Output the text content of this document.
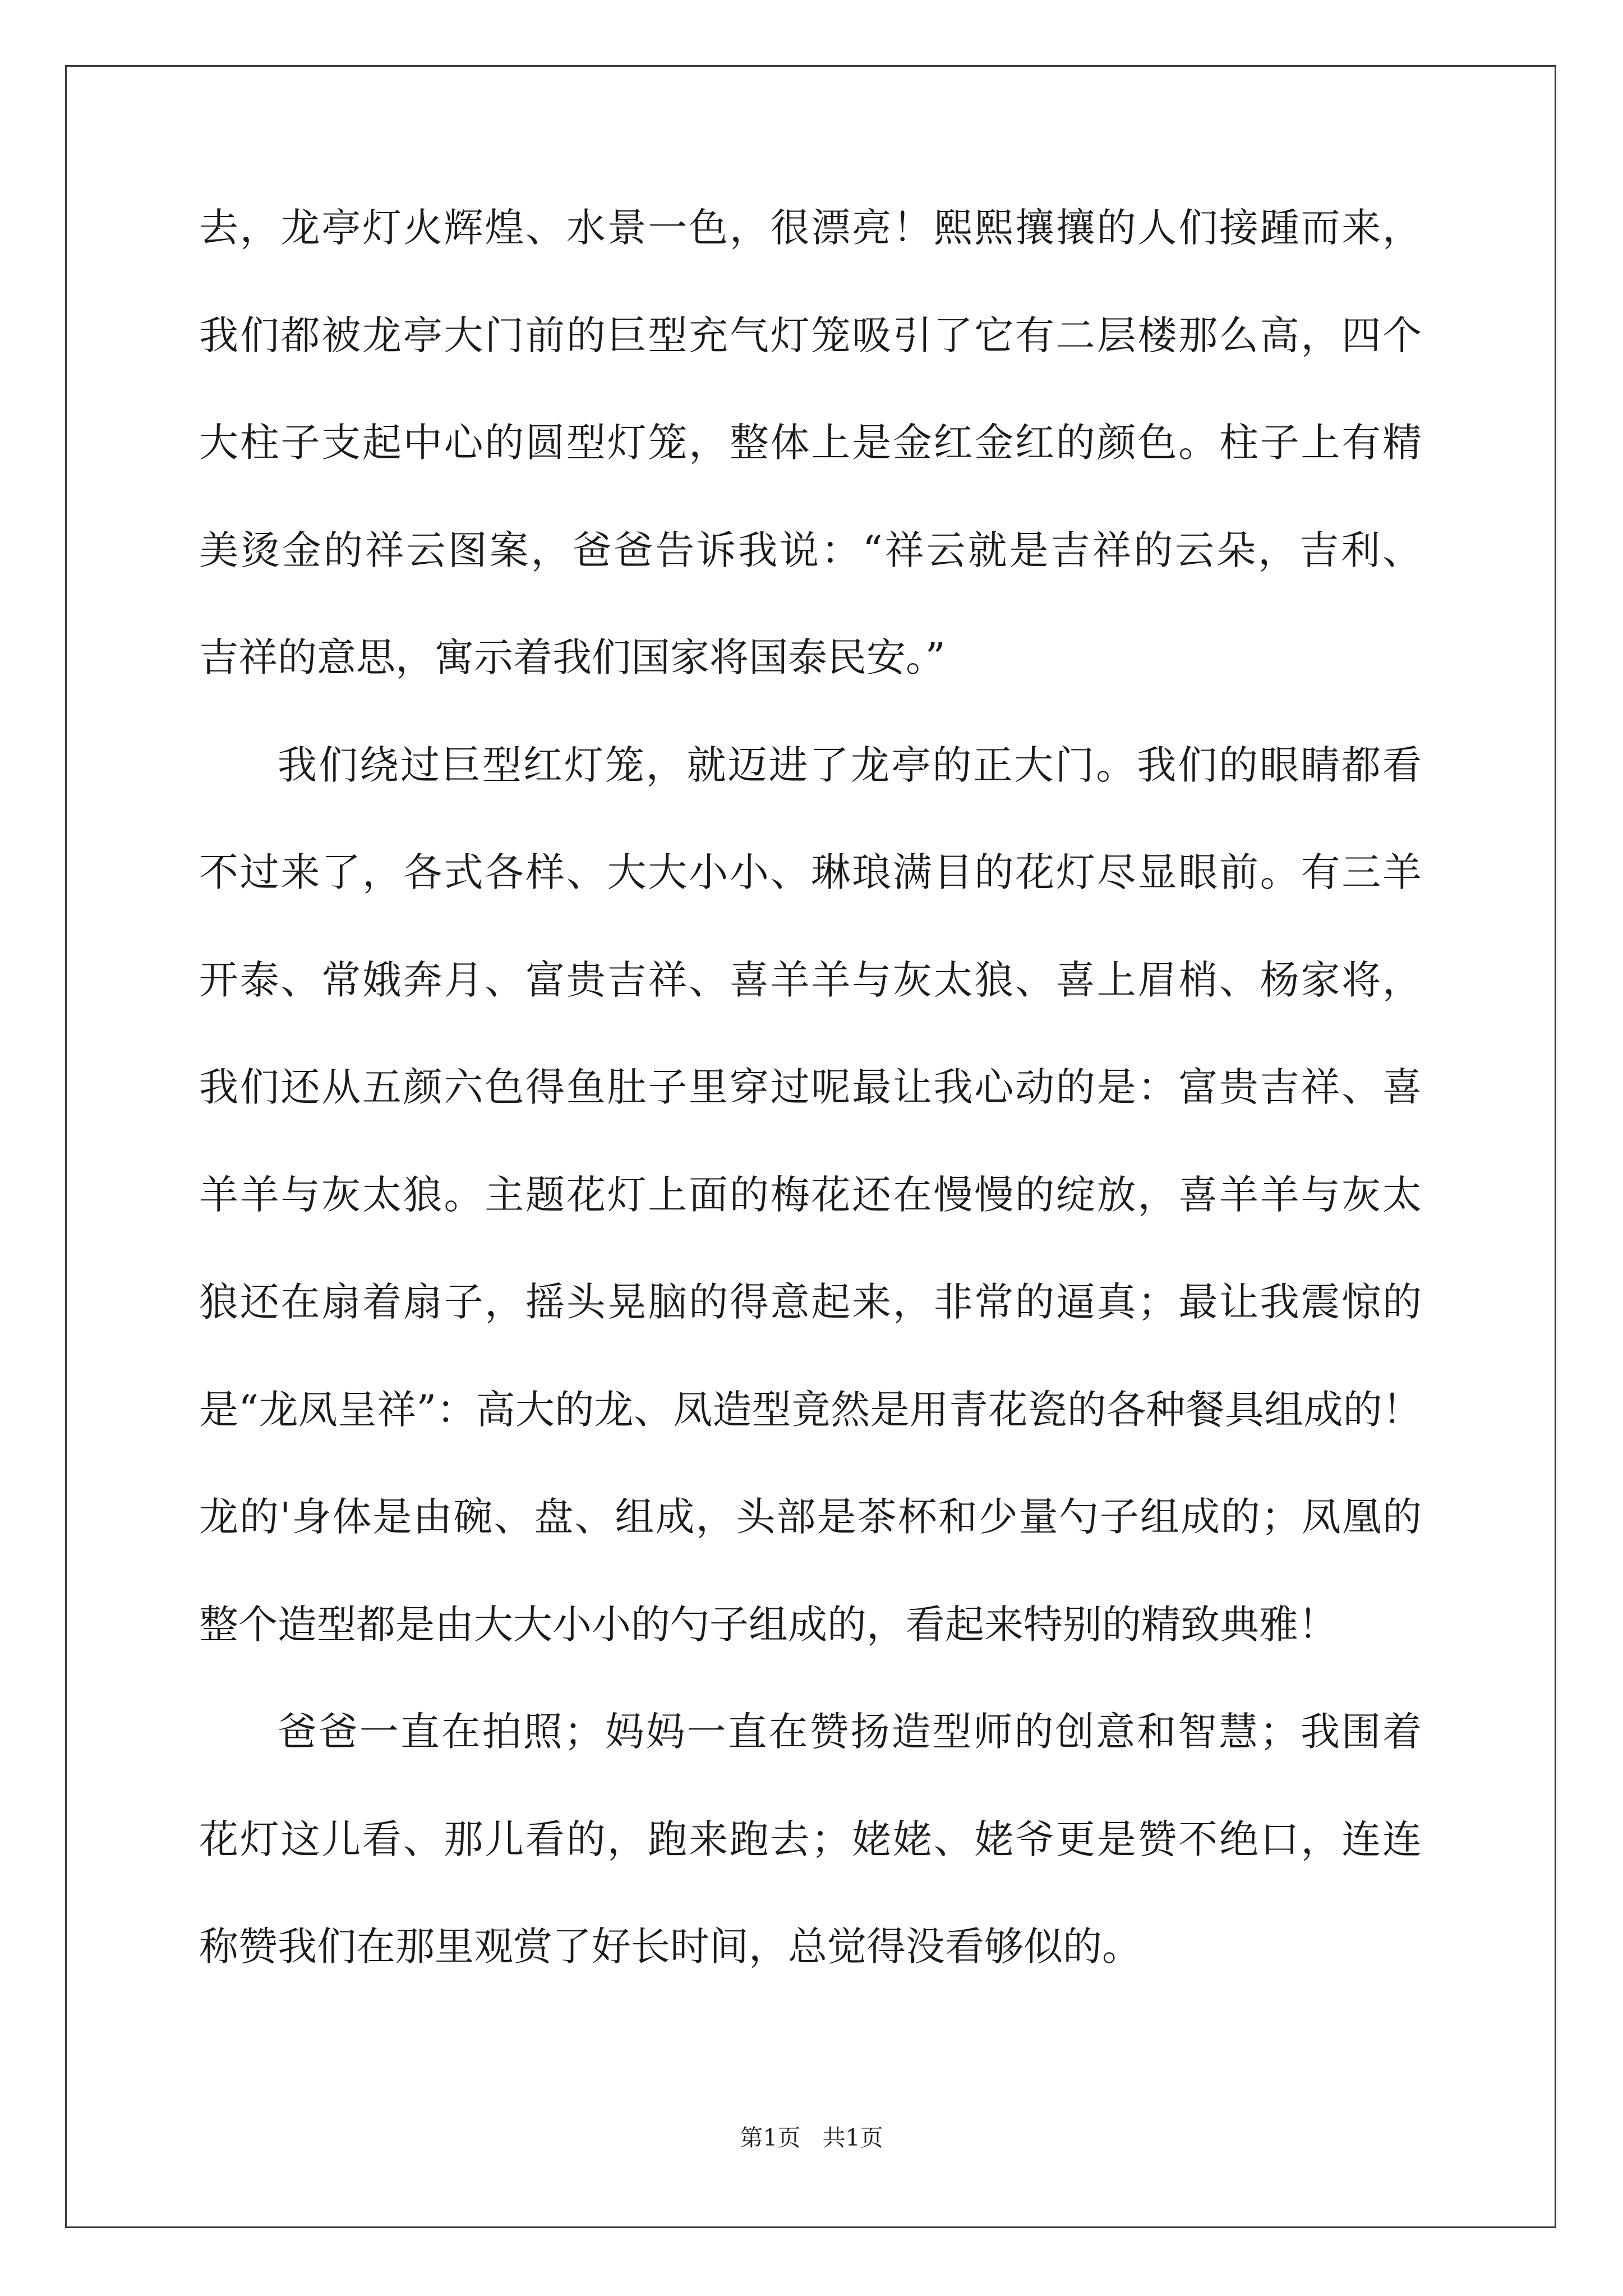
去，龙亭灯火辉煌、水景一色，很漂亮！熙熙攘攘的人们接踵而来，
我们都被龙亭大门前的巨型充气灯笼吸引了它有二层楼那么高，四个
大柱子支起中心的圆型灯笼，整体上是金红金红的颜色。柱子上有精
美烫金的祥云图案，爸爸告诉我说：“祥云就是吉祥的云朵，吉利、
吉祥的意思，寓示着我们国家将国泰民安。”
我们绕过巨型红灯笼，就迈进了龙亭的正大门。我们的眼睛都看
不过来了，各式各样、大大小小、琳琅满目的花灯尽显眼前。有三羊
开泰、常娥奔月、富贵吉祥、喜羊羊与灰太狼、喜上眉梢、杨家将，
我们还从五颜六色得鱼肚子里穿过呢最让我心动的是：富贵吉祥、喜
羊羊与灰太狼。主题花灯上面的梅花还在慢慢的绽放，喜羊羊与灰太
狼还在扇着扇子，摇头晃脑的得意起来，非常的逼真；最让我震惊的
是“龙凤呈祥”：高大的龙、凤造型竟然是用青花瓷的各种餐具组成的！
龙的'身体是由碗、盘、组成，头部是茶杯和少量勺子组成的；凤凰的
整个造型都是由大大小小的勺子组成的，看起来特别的精致典雅！
爸爸一直在拍照；妈妈一直在赞扬造型师的创意和智慧；我围着
花灯这儿看、那儿看的，跑来跑去；姥姥、姥爷更是赞不绝口，连连
称赞我们在那里观赏了好长时间，总觉得没看够似的。
第1页   共1页
